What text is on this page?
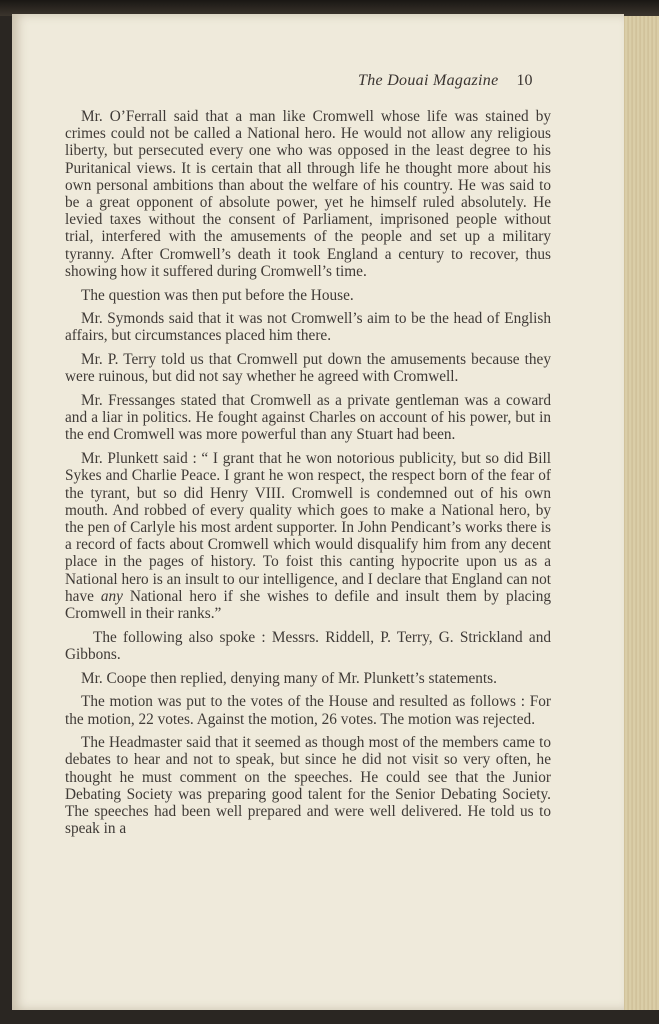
The Douai Magazine 10

Mr. O’Ferrall said that a man like Cromwell whose life was stained by crimes could not be called a National hero. He would not allow any religious liberty, but persecuted every one who was opposed in the least degree to his Puritanical views. It is certain that all through life he thought more about his own personal ambitions than about the welfare of his country. He was said to be a great opponent of absolute power, yet he himself ruled absolutely. He levied taxes without the consent of Parliament, imprisoned people without trial, interfered with the amusements of the people and set up a military tyranny. After Cromwell’s death it took England a century to recover, thus showing how it suffered during Cromwell’s time.

The question was then put before the House.

Mr. Symonds said that it was not Cromwell’s aim to be the head of English affairs, but circumstances placed him there.

Mr. P. Terry told us that Cromwell put down the amusements because they were ruinous, but did not say whether he agreed with Cromwell.

Mr. Fressanges stated that Cromwell as a private gentleman was a coward and a liar in politics. He fought against Charles on account of his power, but in the end Cromwell was more powerful than any Stuart had been.

Mr. Plunkett said : “ I grant that he won notorious publicity, but so did Bill Sykes and Charlie Peace. I grant he won respect, the respect born of the fear of the tyrant, but so did Henry VIII. Cromwell is condemned out of his own mouth. And robbed of every quality which goes to make a National hero, by the pen of Carlyle his most ardent supporter. In John Pendicant’s works there is a record of facts about Cromwell which would disqualify him from any decent place in the pages of history. To foist this canting hypocrite upon us as a National hero is an insult to our intelligence, and I declare that England can not have any National hero if she wishes to defile and insult them by placing Cromwell in their ranks.”

The following also spoke : Messrs. Riddell, P. Terry, G. Strickland and Gibbons.

Mr. Coope then replied, denying many of Mr. Plunkett’s statements.

The motion was put to the votes of the House and resulted as follows : For the motion, 22 votes. Against the motion, 26 votes. The motion was rejected.

The Headmaster said that it seemed as though most of the members came to debates to hear and not to speak, but since he did not visit so very often, he thought he must comment on the speeches. He could see that the Junior Debating Society was preparing good talent for the Senior Debating Society. The speeches had been well prepared and were well delivered. He told us to speak in a
